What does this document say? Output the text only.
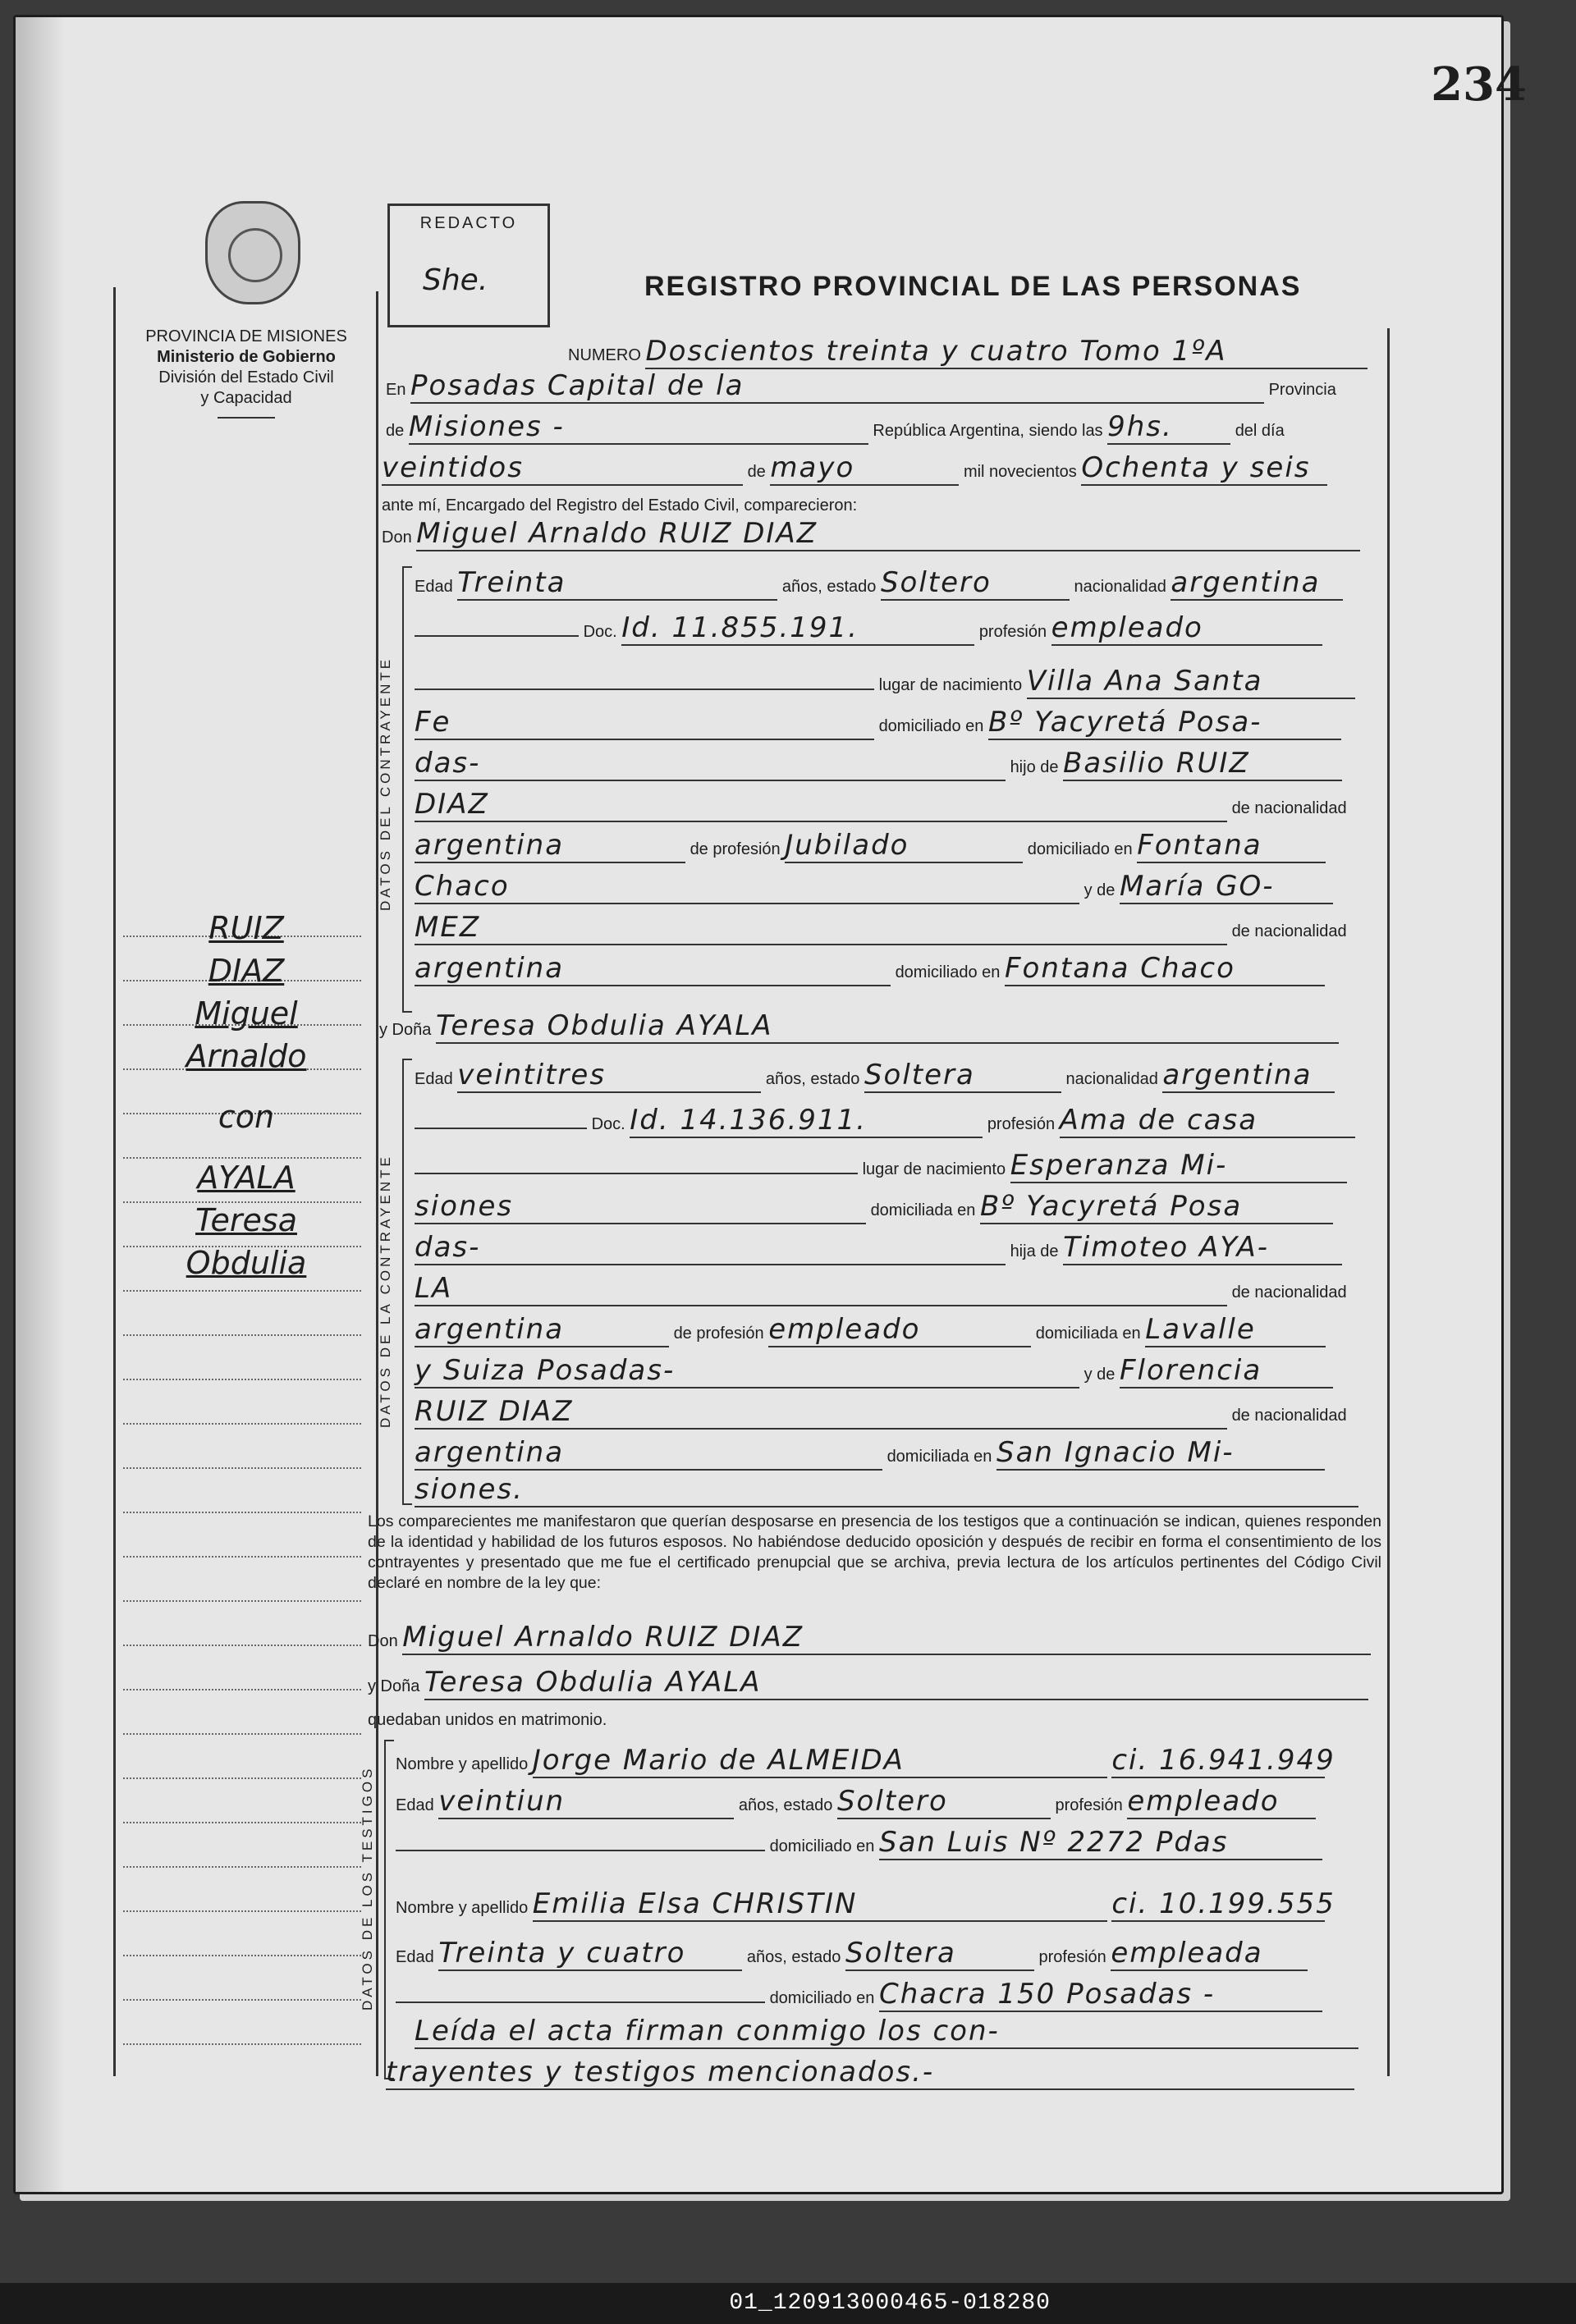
234
PROVINCIA DE MISIONES
Ministerio de Gobierno
División del Estado Civil
y Capacidad
RUIZ
DIAZ
Miguel
Arnaldo
con
AYALA
Teresa
Obdulia
REDACTO
She.	REGISTRO PROVINCIAL DE LAS PERSONAS
NUMERO Doscientos treinta y cuatro Tomo 1ºA
En Posadas Capital de la	Provincia
de Misiones -	República Argentina, siendo las 9hs.	del día
veintidos	de mayo	mil novecientos Ochenta y seis
ante mí, Encargado del Registro del Estado Civil, comparecieron:
Don Miguel Arnaldo RUIZ DIAZ
DATOS DEL CONTRAYENTE
Edad Treinta	años, estado Soltero	nacionalidad argentina
Doc. Id. 11.855.191.	profesión empleado
lugar de nacimiento Villa Ana Santa
Fe	domiciliado en Bº Yacyretá Posa-
das-	hijo de Basilio RUIZ
DIAZ	de nacionalidad
argentina	de profesión Jubilado	domiciliado en Fontana
Chaco	y de María GO-
MEZ	de nacionalidad
argentina	domiciliado en Fontana Chaco
y Doña Teresa Obdulia AYALA
DATOS DE LA CONTRAYENTE
Edad veintitres	años, estado Soltera	nacionalidad argentina
Doc. Id. 14.136.911.	profesión Ama de casa
lugar de nacimiento Esperanza Mi-
siones	domiciliada en Bº Yacyretá Posa
das-	hija de Timoteo AYA-
LA	de nacionalidad
argentina	de profesión empleado	domiciliada en Lavalle
y Suiza Posadas-	y de Florencia
RUIZ DIAZ	de nacionalidad
argentina	domiciliada en San Ignacio Mi-
siones.
Los comparecientes me manifestaron que querían desposarse en presencia de los testigos que a continuación se indican, quienes responden de la identidad y habilidad de los futuros esposos. No habiéndose deducido oposición y después de recibir en forma el consentimiento de los contrayentes y presentado que me fue el certificado prenupcial que se archiva, previa lectura de los artículos pertinentes del Código Civil declaré en nombre de la ley que:
Don Miguel Arnaldo RUIZ DIAZ
y Doña Teresa Obdulia AYALA
quedaban unidos en matrimonio.
DATOS DE LOS TESTIGOS
Nombre y apellido Jorge Mario de ALMEIDA	ci. 16.941.949
Edad veintiun	años, estado Soltero	profesión empleado
domiciliado en San Luis Nº 2272 Pdas
Nombre y apellido Emilia Elsa CHRISTIN	ci. 10.199.555
Edad Treinta y cuatro	años, estado Soltera	profesión empleada
domiciliado en Chacra 150 Posadas -
Leída el acta firman conmigo los con-
trayentes y testigos mencionados.-
01_120913000465-018280
